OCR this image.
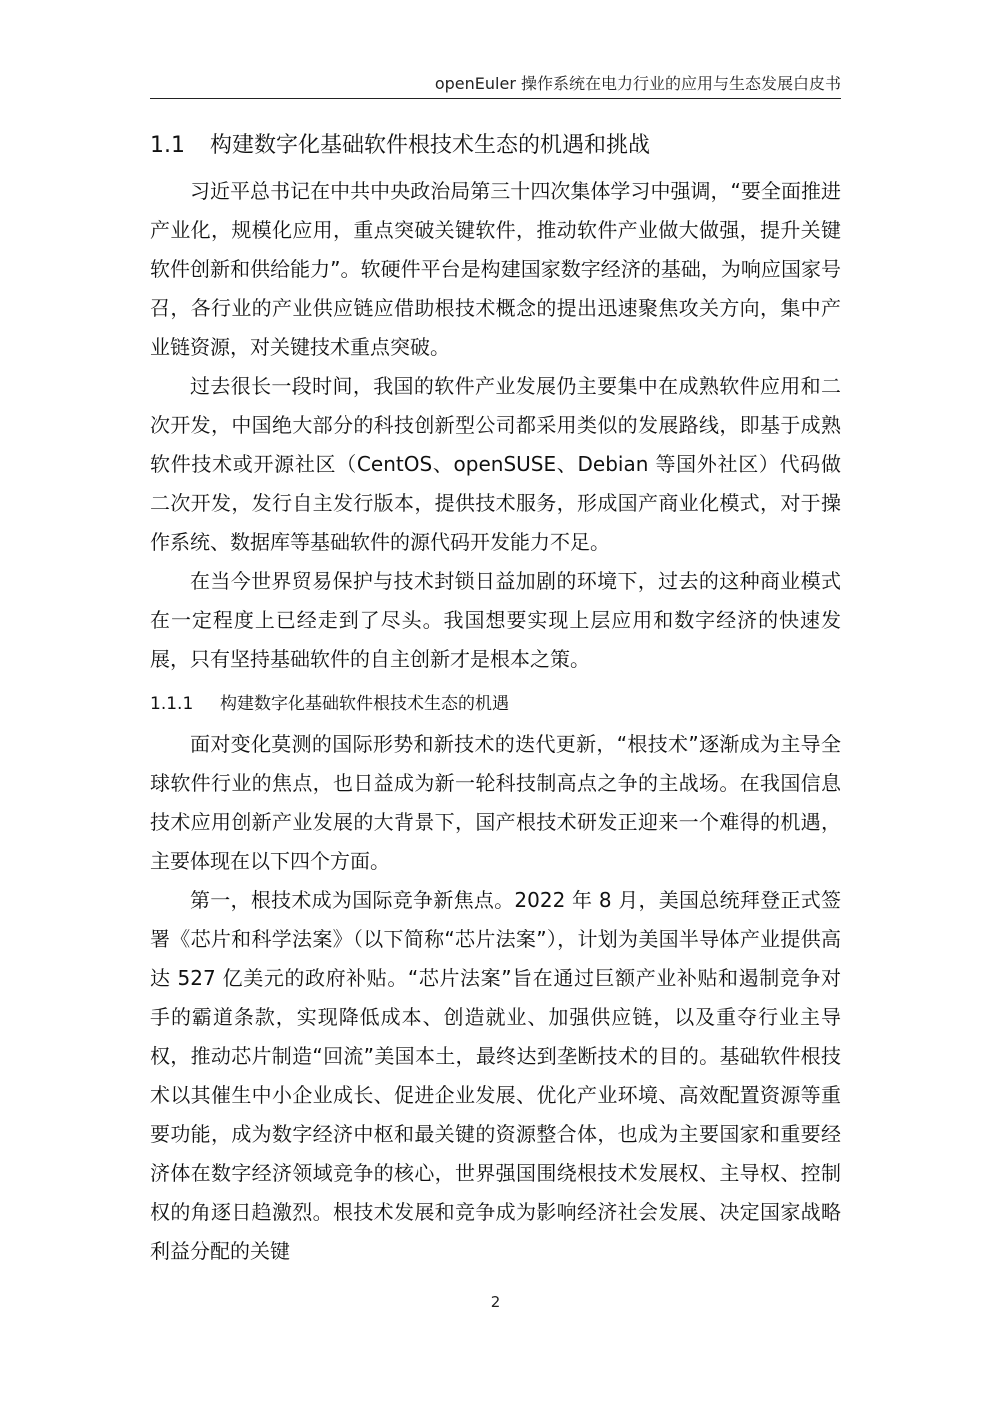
openEuler 操作系统在电力行业的应用与生态发展白皮书
1.1 构建数字化基础软件根技术生态的机遇和挑战

习近平总书记在中共中央政治局第三十四次集体学习中强调，“要全面推进产业化，规模化应用，重点突破关键软件，推动软件产业做大做强，提升关键软件创新和供给能力”。软硬件平台是构建国家数字经济的基础，为响应国家号召，各行业的产业供应链应借助根技术概念的提出迅速聚焦攻关方向，集中产业链资源，对关键技术重点突破。

过去很长一段时间，我国的软件产业发展仍主要集中在成熟软件应用和二次开发，中国绝大部分的科技创新型公司都采用类似的发展路线，即基于成熟软件技术或开源社区（CentOS、openSUSE、Debian 等国外社区）代码做二次开发，发行自主发行版本，提供技术服务，形成国产商业化模式，对于操作系统、数据库等基础软件的源代码开发能力不足。

在当今世界贸易保护与技术封锁日益加剧的环境下，过去的这种商业模式在一定程度上已经走到了尽头。我国想要实现上层应用和数字经济的快速发展，只有坚持基础软件的自主创新才是根本之策。

1.1.1 构建数字化基础软件根技术生态的机遇

面对变化莫测的国际形势和新技术的迭代更新，“根技术”逐渐成为主导全球软件行业的焦点，也日益成为新一轮科技制高点之争的主战场。在我国信息技术应用创新产业发展的大背景下，国产根技术研发正迎来一个难得的机遇，主要体现在以下四个方面。

第一，根技术成为国际竞争新焦点。2022 年 8 月，美国总统拜登正式签署《芯片和科学法案》（以下简称“芯片法案”），计划为美国半导体产业提供高达 527 亿美元的政府补贴。“芯片法案”旨在通过巨额产业补贴和遏制竞争对手的霸道条款，实现降低成本、创造就业、加强供应链，以及重夺行业主导权，推动芯片制造“回流”美国本土，最终达到垄断技术的目的。基础软件根技术以其催生中小企业成长、促进企业发展、优化产业环境、高效配置资源等重要功能，成为数字经济中枢和最关键的资源整合体，也成为主要国家和重要经济体在数字经济领域竞争的核心，世界强国围绕根技术发展权、主导权、控制权的角逐日趋激烈。根技术发展和竞争成为影响经济社会发展、决定国家战略利益分配的关键

2
